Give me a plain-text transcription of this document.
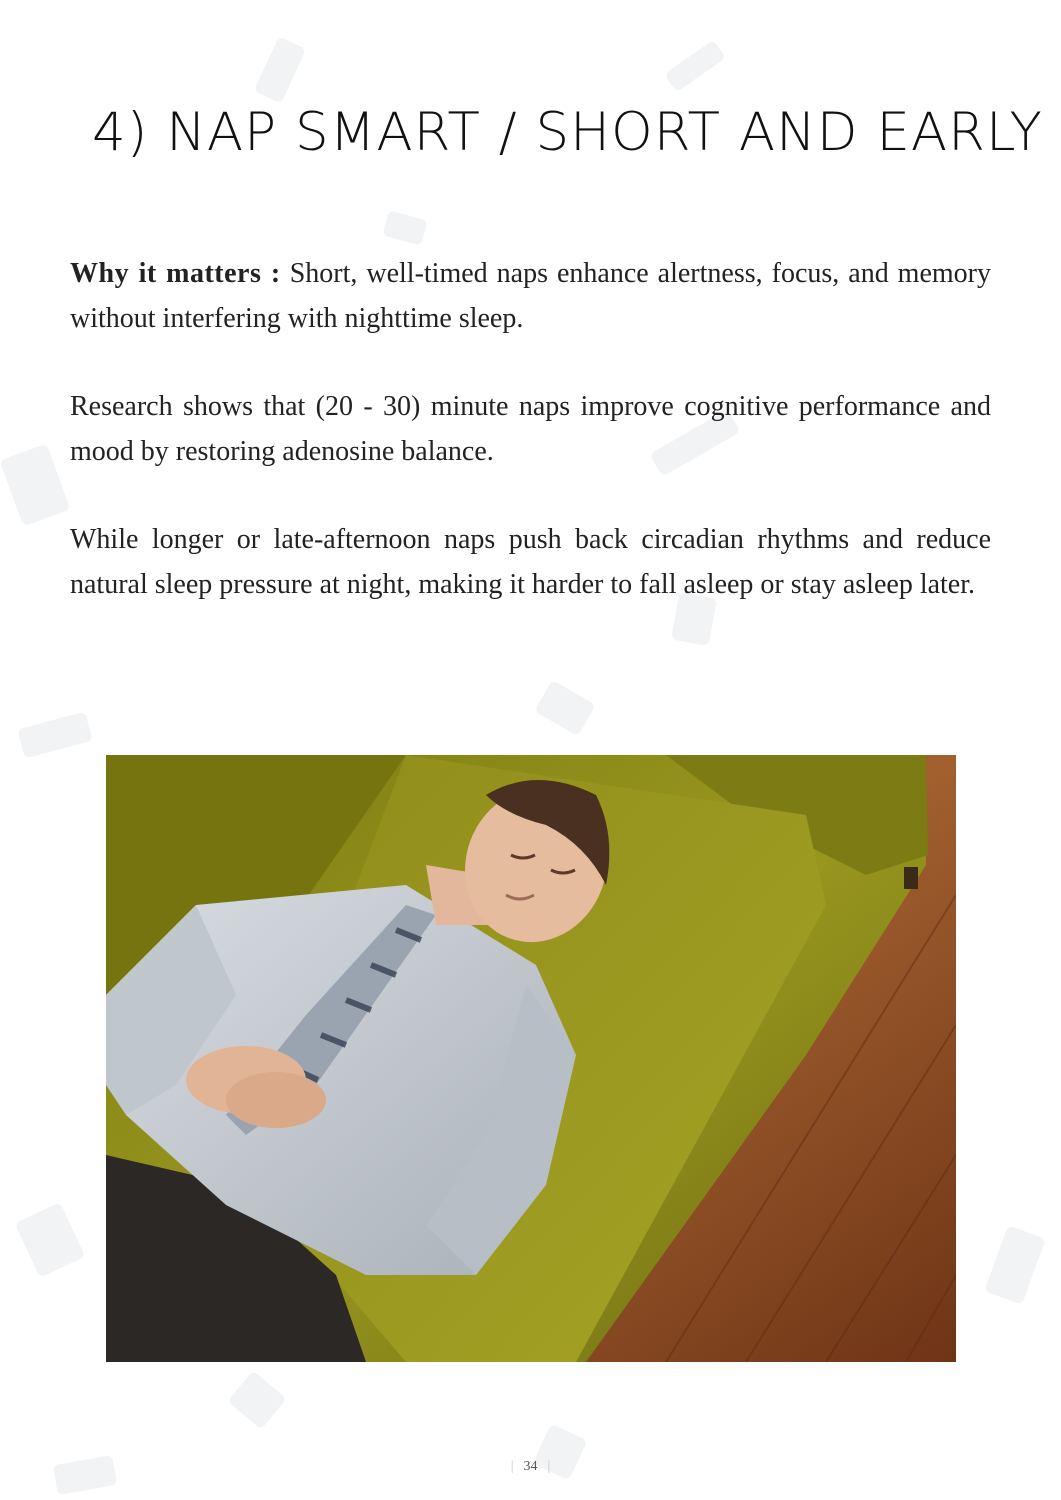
4) NAP SMART / SHORT AND EARLY

Why it matters : Short, well-timed naps enhance alertness, focus, and memory without interfering with nighttime sleep.

Research shows that (20 - 30) minute naps improve cognitive performance and mood by restoring adenosine balance.

While longer or late-afternoon naps push back circadian rhythms and reduce natural sleep pressure at night, making it harder to fall asleep or stay asleep later.

| 34 |
